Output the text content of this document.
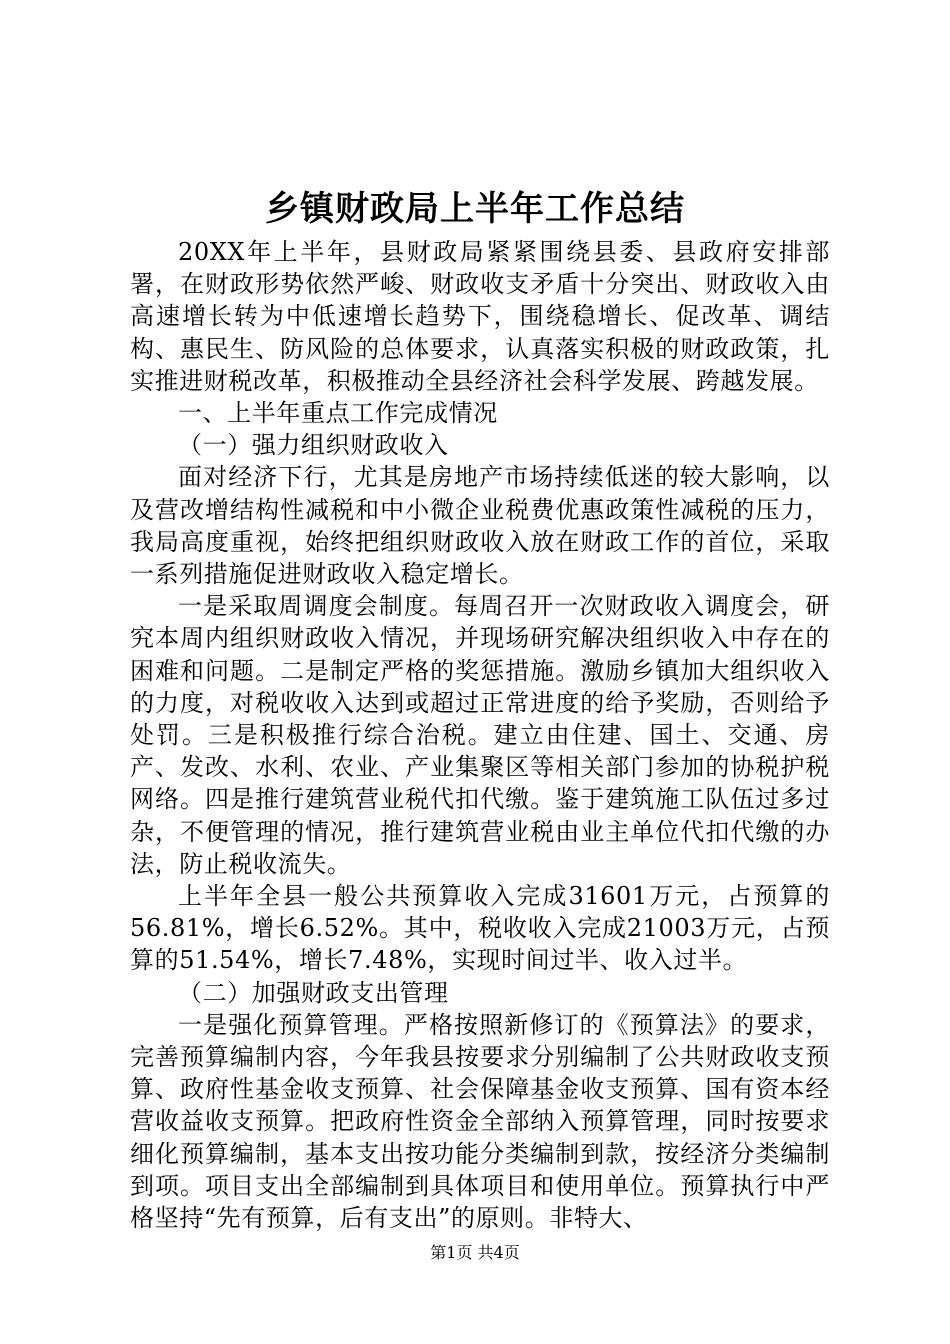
乡镇财政局上半年工作总结

20XX年上半年，县财政局紧紧围绕县委、县政府安排部署，在财政形势依然严峻、财政收支矛盾十分突出、财政收入由高速增长转为中低速增长趋势下，围绕稳增长、促改革、调结构、惠民生、防风险的总体要求，认真落实积极的财政政策，扎实推进财税改革，积极推动全县经济社会科学发展、跨越发展。

一、上半年重点工作完成情况

（一）强力组织财政收入

面对经济下行，尤其是房地产市场持续低迷的较大影响，以及营改增结构性减税和中小微企业税费优惠政策性减税的压力，我局高度重视，始终把组织财政收入放在财政工作的首位，采取一系列措施促进财政收入稳定增长。

一是采取周调度会制度。每周召开一次财政收入调度会，研究本周内组织财政收入情况，并现场研究解决组织收入中存在的困难和问题。二是制定严格的奖惩措施。激励乡镇加大组织收入的力度，对税收收入达到或超过正常进度的给予奖励，否则给予处罚。三是积极推行综合治税。建立由住建、国土、交通、房产、发改、水利、农业、产业集聚区等相关部门参加的协税护税网络。四是推行建筑营业税代扣代缴。鉴于建筑施工队伍过多过杂，不便管理的情况，推行建筑营业税由业主单位代扣代缴的办法，防止税收流失。

上半年全县一般公共预算收入完成31601万元，占预算的56.81%，增长6.52%。其中，税收收入完成21003万元，占预算的51.54%，增长7.48%，实现时间过半、收入过半。

（二）加强财政支出管理

一是强化预算管理。严格按照新修订的《预算法》的要求，完善预算编制内容，今年我县按要求分别编制了公共财政收支预算、政府性基金收支预算、社会保障基金收支预算、国有资本经营收益收支预算。把政府性资金全部纳入预算管理，同时按要求细化预算编制，基本支出按功能分类编制到款，按经济分类编制到项。项目支出全部编制到具体项目和使用单位。预算执行中严格坚持“先有预算，后有支出”的原则。非特大、

第1页 共4页
